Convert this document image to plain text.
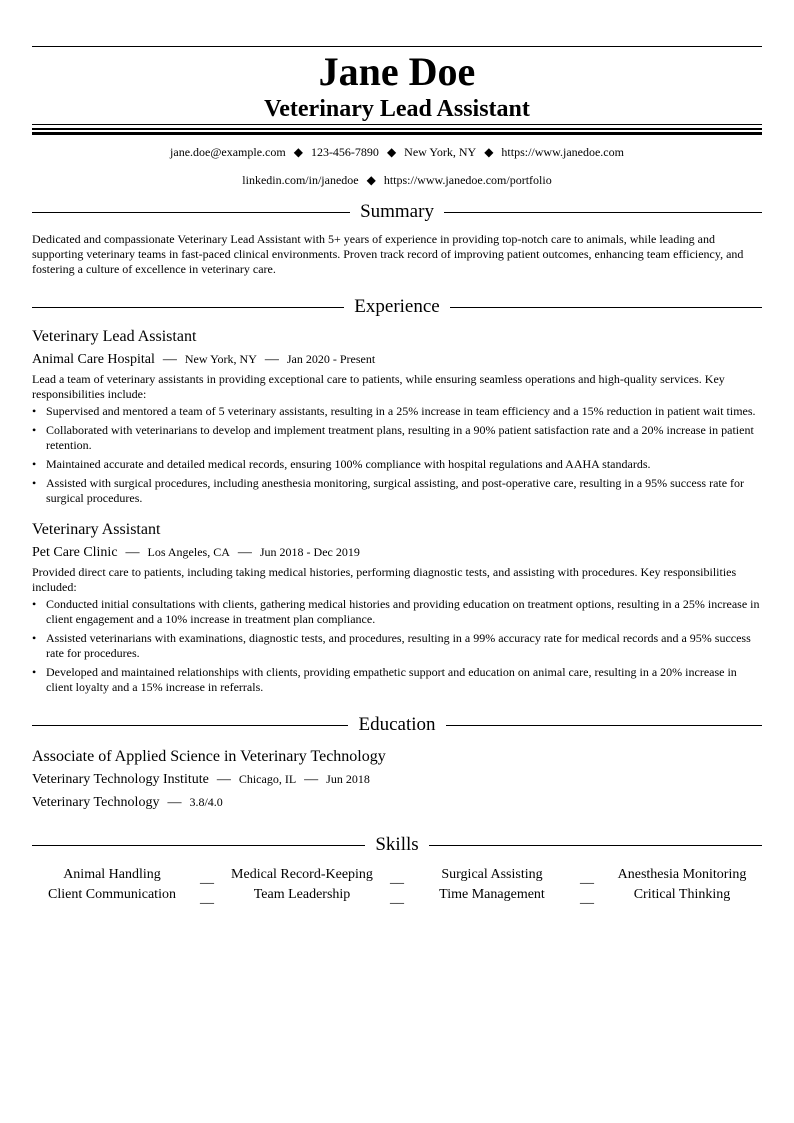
Jane Doe
Veterinary Lead Assistant
jane.doe@example.com ◆ 123-456-7890 ◆ New York, NY ◆ https://www.janedoe.com
linkedin.com/in/janedoe ◆ https://www.janedoe.com/portfolio
Summary
Dedicated and compassionate Veterinary Lead Assistant with 5+ years of experience in providing top-notch care to animals, while leading and supporting veterinary teams in fast-paced clinical environments. Proven track record of improving patient outcomes, enhancing team efficiency, and fostering a culture of excellence in veterinary care.
Experience
Veterinary Lead Assistant
Animal Care Hospital — New York, NY — Jan 2020 - Present
Lead a team of veterinary assistants in providing exceptional care to patients, while ensuring seamless operations and high-quality services. Key responsibilities include:
• Supervised and mentored a team of 5 veterinary assistants, resulting in a 25% increase in team efficiency and a 15% reduction in patient wait times.
• Collaborated with veterinarians to develop and implement treatment plans, resulting in a 90% patient satisfaction rate and a 20% increase in patient retention.
• Maintained accurate and detailed medical records, ensuring 100% compliance with hospital regulations and AAHA standards.
• Assisted with surgical procedures, including anesthesia monitoring, surgical assisting, and post-operative care, resulting in a 95% success rate for surgical procedures.
Veterinary Assistant
Pet Care Clinic — Los Angeles, CA — Jun 2018 - Dec 2019
Provided direct care to patients, including taking medical histories, performing diagnostic tests, and assisting with procedures. Key responsibilities included:
• Conducted initial consultations with clients, gathering medical histories and providing education on treatment options, resulting in a 25% increase in client engagement and a 10% increase in treatment plan compliance.
• Assisted veterinarians with examinations, diagnostic tests, and procedures, resulting in a 99% accuracy rate for medical records and a 95% success rate for procedures.
• Developed and maintained relationships with clients, providing empathetic support and education on animal care, resulting in a 20% increase in client loyalty and a 15% increase in referrals.
Education
Associate of Applied Science in Veterinary Technology
Veterinary Technology Institute — Chicago, IL — Jun 2018
Veterinary Technology — 3.8/4.0
Skills
Animal Handling	__	Medical Record-Keeping	__	Surgical Assisting	__	Anesthesia Monitoring
Client Communication	__	Team Leadership	__	Time Management	__	Critical Thinking
